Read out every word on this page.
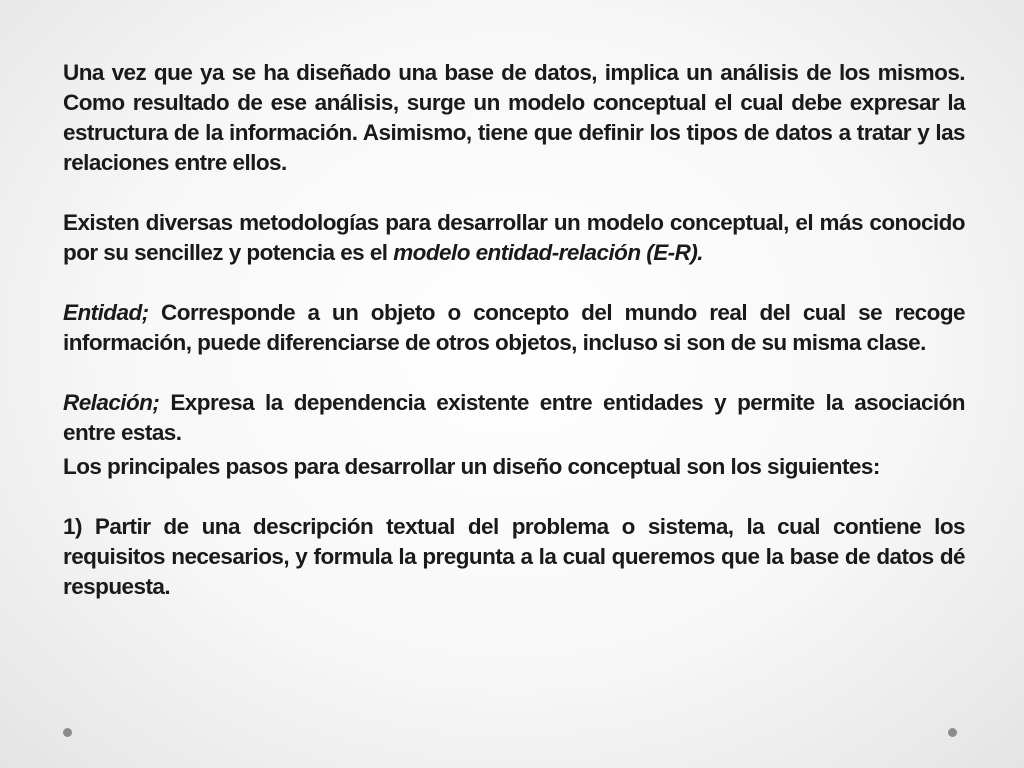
Una vez que ya se ha diseñado una base de datos, implica un análisis de los mismos. Como resultado de ese análisis, surge un modelo conceptual el cual debe expresar la estructura de la información. Asimismo, tiene que definir los tipos de datos a tratar y las relaciones entre ellos.

Existen diversas metodologías para desarrollar un modelo conceptual, el más conocido por su sencillez y potencia es el modelo entidad-relación (E-R).

Entidad; Corresponde a un objeto o concepto del mundo real del cual se recoge información, puede diferenciarse de otros objetos, incluso si son de su misma clase.

Relación; Expresa la dependencia existente entre entidades y permite la asociación entre estas.

Los principales pasos para desarrollar un diseño conceptual son los siguientes:

1) Partir de una descripción textual del problema o sistema, la cual contiene los requisitos necesarios, y formula la pregunta a la cual queremos que la base de datos dé respuesta.
